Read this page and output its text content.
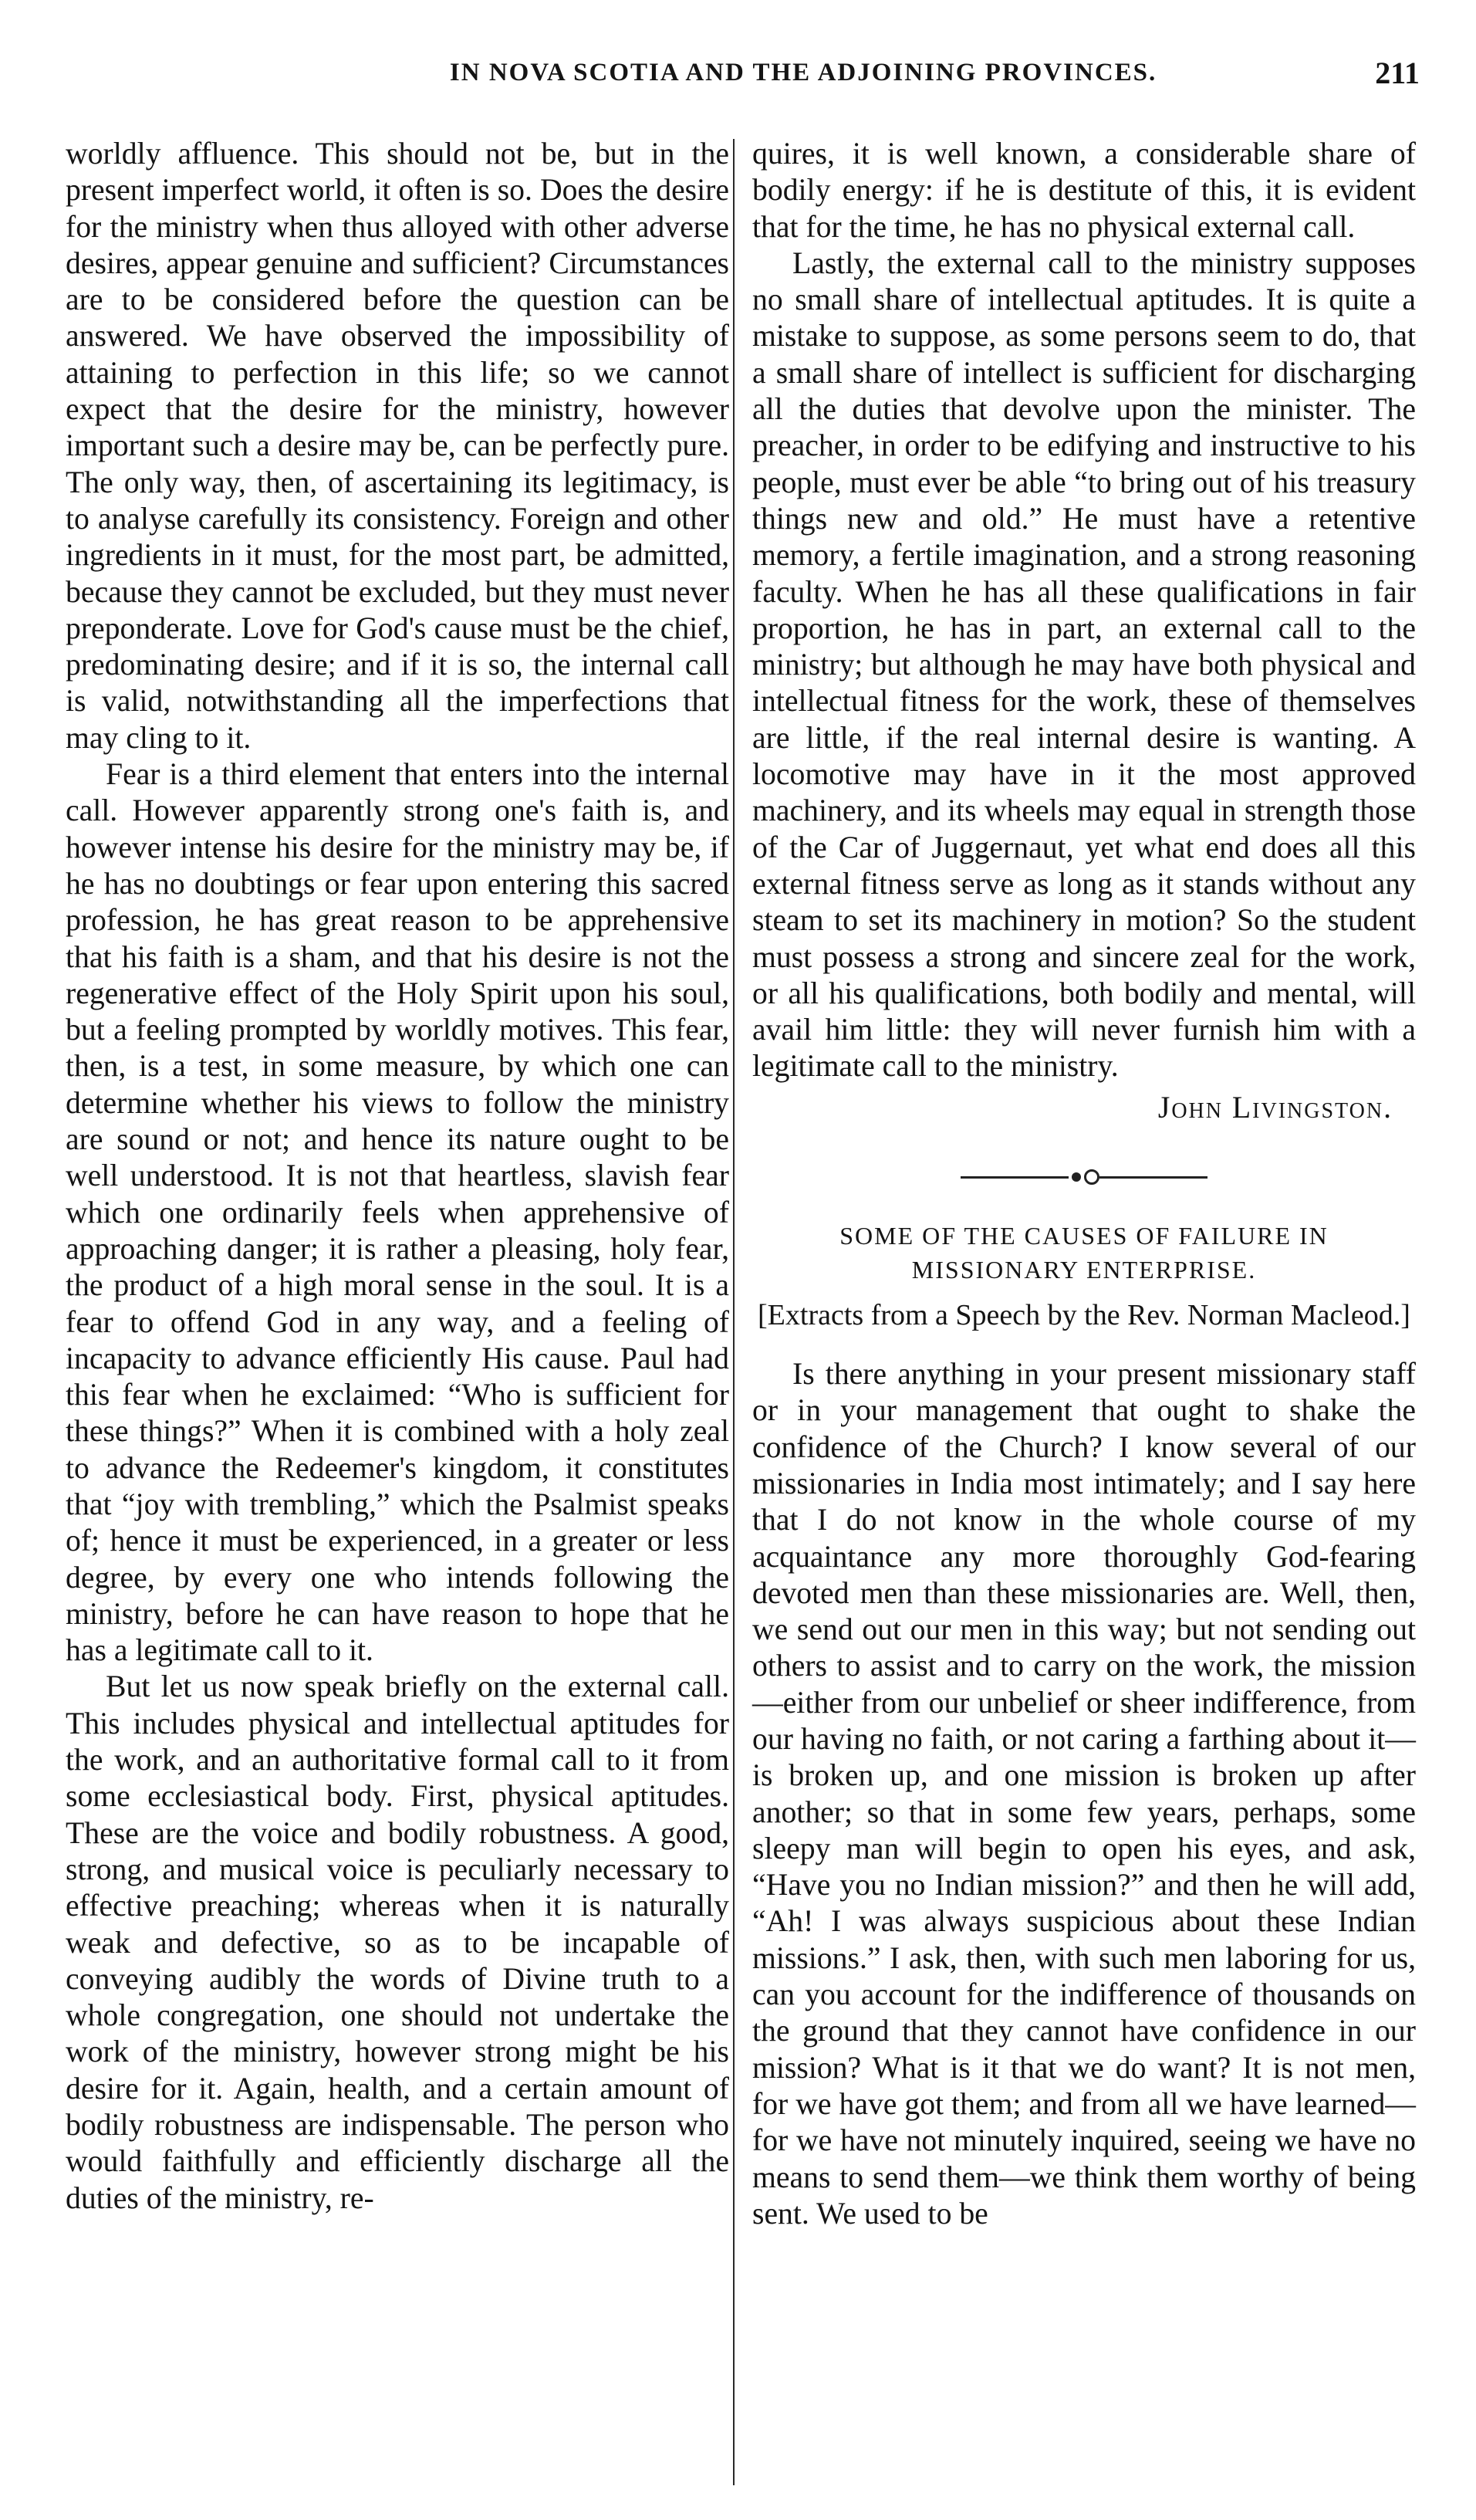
IN NOVA SCOTIA AND THE ADJOINING PROVINCES.	211

worldly affluence. This should not be, but in the present imperfect world, it often is so. Does the desire for the ministry when thus alloyed with other adverse desires, appear genuine and sufficient? Circumstances are to be considered before the question can be answered. We have observed the impossibility of attaining to perfection in this life; so we cannot expect that the desire for the ministry, however important such a desire may be, can be perfectly pure. The only way, then, of ascertaining its legitimacy, is to analyse carefully its consistency. Foreign and other ingredients in it must, for the most part, be admitted, because they cannot be excluded, but they must never preponderate. Love for God's cause must be the chief, predominating desire; and if it is so, the internal call is valid, notwithstanding all the imperfections that may cling to it.

Fear is a third element that enters into the internal call. However apparently strong one's faith is, and however intense his desire for the ministry may be, if he has no doubtings or fear upon entering this sacred profession, he has great reason to be apprehensive that his faith is a sham, and that his desire is not the regenerative effect of the Holy Spirit upon his soul, but a feeling prompted by worldly motives. This fear, then, is a test, in some measure, by which one can determine whether his views to follow the ministry are sound or not; and hence its nature ought to be well understood. It is not that heartless, slavish fear which one ordinarily feels when apprehensive of approaching danger; it is rather a pleasing, holy fear, the product of a high moral sense in the soul. It is a fear to offend God in any way, and a feeling of incapacity to advance efficiently His cause. Paul had this fear when he exclaimed: “Who is sufficient for these things?” When it is combined with a holy zeal to advance the Redeemer's kingdom, it constitutes that “joy with trembling,” which the Psalmist speaks of; hence it must be experienced, in a greater or less degree, by every one who intends following the ministry, before he can have reason to hope that he has a legitimate call to it.

But let us now speak briefly on the external call. This includes physical and intellectual aptitudes for the work, and an authoritative formal call to it from some ecclesiastical body. First, physical aptitudes. These are the voice and bodily robustness. A good, strong, and musical voice is peculiarly necessary to effective preaching; whereas when it is naturally weak and defective, so as to be incapable of conveying audibly the words of Divine truth to a whole congregation, one should not undertake the work of the ministry, however strong might be his desire for it. Again, health, and a certain amount of bodily robustness are indispensable. The person who would faithfully and efficiently discharge all the duties of the ministry, re-

quires, it is well known, a considerable share of bodily energy: if he is destitute of this, it is evident that for the time, he has no physical external call.

Lastly, the external call to the ministry supposes no small share of intellectual aptitudes. It is quite a mistake to suppose, as some persons seem to do, that a small share of intellect is sufficient for discharging all the duties that devolve upon the minister. The preacher, in order to be edifying and instructive to his people, must ever be able “to bring out of his treasury things new and old.” He must have a retentive memory, a fertile imagination, and a strong reasoning faculty. When he has all these qualifications in fair proportion, he has in part, an external call to the ministry; but although he may have both physical and intellectual fitness for the work, these of themselves are little, if the real internal desire is wanting. A locomotive may have in it the most approved machinery, and its wheels may equal in strength those of the Car of Juggernaut, yet what end does all this external fitness serve as long as it stands without any steam to set its machinery in motion? So the student must possess a strong and sincere zeal for the work, or all his qualifications, both bodily and mental, will avail him little: they will never furnish him with a legitimate call to the ministry.

John Livingston.
SOME OF THE CAUSES OF FAILURE IN MISSIONARY ENTERPRISE.
[Extracts from a Speech by the Rev. Norman Macleod.]

Is there anything in your present missionary staff or in your management that ought to shake the confidence of the Church? I know several of our missionaries in India most intimately; and I say here that I do not know in the whole course of my acquaintance any more thoroughly God-fearing devoted men than these missionaries are. Well, then, we send out our men in this way; but not sending out others to assist and to carry on the work, the mission—either from our unbelief or sheer indifference, from our having no faith, or not caring a farthing about it—is broken up, and one mission is broken up after another; so that in some few years, perhaps, some sleepy man will begin to open his eyes, and ask, “Have you no Indian mission?” and then he will add, “Ah! I was always suspicious about these Indian missions.” I ask, then, with such men laboring for us, can you account for the indifference of thousands on the ground that they cannot have confidence in our mission? What is it that we do want? It is not men, for we have got them; and from all we have learned—for we have not minutely inquired, seeing we have no means to send them—we think them worthy of being sent. We used to be
